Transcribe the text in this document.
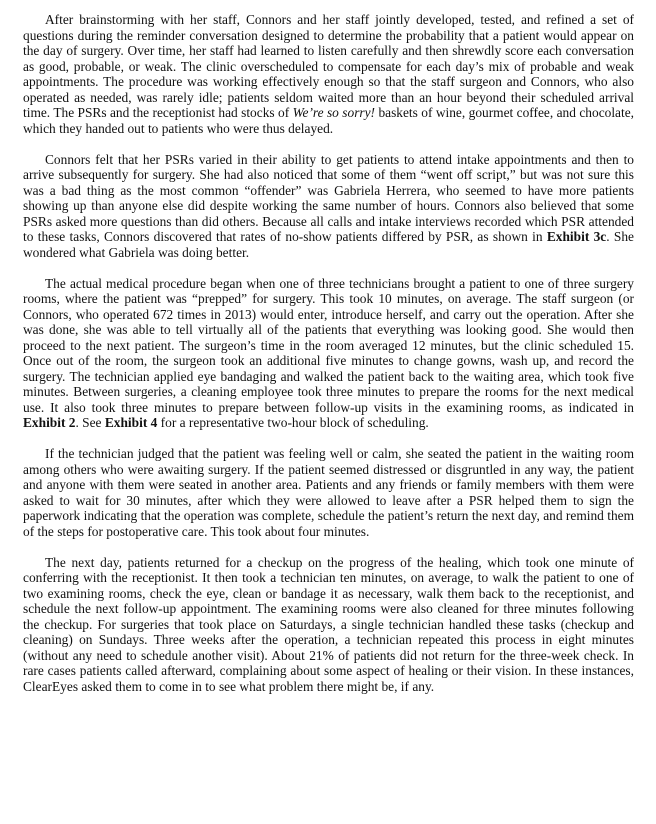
After brainstorming with her staff, Connors and her staff jointly developed, tested, and refined a set of questions during the reminder conversation designed to determine the probability that a patient would appear on the day of surgery. Over time, her staff had learned to listen carefully and then shrewdly score each conversation as good, probable, or weak. The clinic overscheduled to compensate for each day’s mix of probable and weak appointments. The procedure was working effectively enough so that the staff surgeon and Connors, who also operated as needed, was rarely idle; patients seldom waited more than an hour beyond their scheduled arrival time. The PSRs and the receptionist had stocks of We’re so sorry! baskets of wine, gourmet coffee, and chocolate, which they handed out to patients who were thus delayed.

Connors felt that her PSRs varied in their ability to get patients to attend intake appointments and then to arrive subsequently for surgery. She had also noticed that some of them “went off script,” but was not sure this was a bad thing as the most common “offender” was Gabriela Herrera, who seemed to have more patients showing up than anyone else did despite working the same number of hours. Connors also believed that some PSRs asked more questions than did others. Because all calls and intake interviews recorded which PSR attended to these tasks, Connors discovered that rates of no-show patients differed by PSR, as shown in Exhibit 3c. She wondered what Gabriela was doing better.

The actual medical procedure began when one of three technicians brought a patient to one of three surgery rooms, where the patient was “prepped” for surgery. This took 10 minutes, on average. The staff surgeon (or Connors, who operated 672 times in 2013) would enter, introduce herself, and carry out the operation. After she was done, she was able to tell virtually all of the patients that everything was looking good. She would then proceed to the next patient. The surgeon’s time in the room averaged 12 minutes, but the clinic scheduled 15. Once out of the room, the surgeon took an additional five minutes to change gowns, wash up, and record the surgery. The technician applied eye bandaging and walked the patient back to the waiting area, which took five minutes. Between surgeries, a cleaning employee took three minutes to prepare the rooms for the next medical use. It also took three minutes to prepare between follow-up visits in the examining rooms, as indicated in Exhibit 2. See Exhibit 4 for a representative two-hour block of scheduling.

If the technician judged that the patient was feeling well or calm, she seated the patient in the waiting room among others who were awaiting surgery. If the patient seemed distressed or disgruntled in any way, the patient and anyone with them were seated in another area. Patients and any friends or family members with them were asked to wait for 30 minutes, after which they were allowed to leave after a PSR helped them to sign the paperwork indicating that the operation was complete, schedule the patient’s return the next day, and remind them of the steps for postoperative care. This took about four minutes.

The next day, patients returned for a checkup on the progress of the healing, which took one minute of conferring with the receptionist. It then took a technician ten minutes, on average, to walk the patient to one of two examining rooms, check the eye, clean or bandage it as necessary, walk them back to the receptionist, and schedule the next follow-up appointment. The examining rooms were also cleaned for three minutes following the checkup. For surgeries that took place on Saturdays, a single technician handled these tasks (checkup and cleaning) on Sundays. Three weeks after the operation, a technician repeated this process in eight minutes (without any need to schedule another visit). About 21% of patients did not return for the three-week check. In rare cases patients called afterward, complaining about some aspect of healing or their vision. In these instances, ClearEyes asked them to come in to see what problem there might be, if any.
